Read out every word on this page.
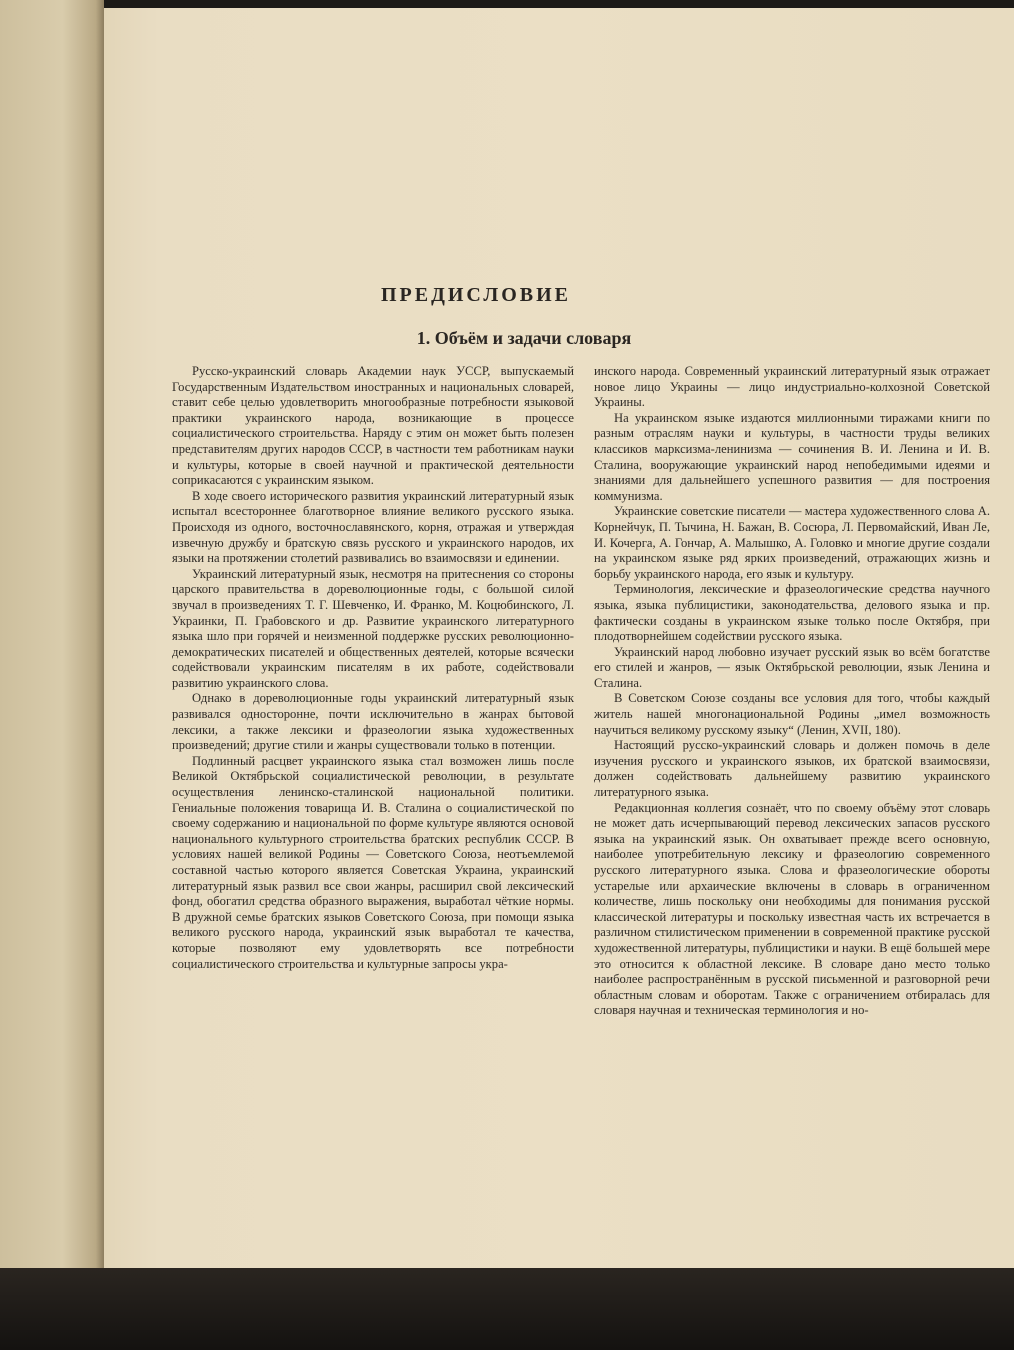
ПРЕДИСЛОВИЕ
1. Объём и задачи словаря

Русско-украинский словарь Академии наук УССР, выпускаемый Государственным Издательством иностранных и национальных словарей, ставит себе целью удовлетворить многообразные потребности языковой практики украинского народа, возникающие в процессе социалистического строительства. Наряду с этим он может быть полезен представителям других народов СССР, в частности тем работникам науки и культуры, которые в своей научной и практической деятельности соприкасаются с украинским языком.

В ходе своего исторического развития украинский литературный язык испытал всестороннее благотворное влияние великого русского языка. Происходя из одного, восточнославянского, корня, отражая и утверждая извечную дружбу и братскую связь русского и украинского народов, их языки на протяжении столетий развивались во взаимосвязи и единении.

Украинский литературный язык, несмотря на притеснения со стороны царского правительства в дореволюционные годы, с большой силой звучал в произведениях Т. Г. Шевченко, И. Франко, М. Коцюбинского, Л. Украинки, П. Грабовского и др. Развитие украинского литературного языка шло при горячей и неизменной поддержке русских революционно-демократических писателей и общественных деятелей, которые всячески содействовали украинским писателям в их работе, содействовали развитию украинского слова.

Однако в дореволюционные годы украинский литературный язык развивался односторонне, почти исключительно в жанрах бытовой лексики, а также лексики и фразеологии языка художественных произведений; другие стили и жанры существовали только в потенции.

Подлинный расцвет украинского языка стал возможен лишь после Великой Октябрьской социалистической революции, в результате осуществления ленинско-сталинской национальной политики. Гениальные положения товарища И. В. Сталина о социалистической по своему содержанию и национальной по форме культуре являются основой национального культурного строительства братских республик СССР. В условиях нашей великой Родины — Советского Союза, неотъемлемой составной частью которого является Советская Украина, украинский литературный язык развил все свои жанры, расширил свой лексический фонд, обогатил средства образного выражения, выработал чёткие нормы. В дружной семье братских языков Советского Союза, при помощи языка великого русского народа, украинский язык выработал те качества, которые позволяют ему удовлетворять все потребности социалистического строительства и культурные запросы укра-

инского народа. Современный украинский литературный язык отражает новое лицо Украины — лицо индустриально-колхозной Советской Украины.

На украинском языке издаются миллионными тиражами книги по разным отраслям науки и культуры, в частности труды великих классиков марксизма-ленинизма — сочинения В. И. Ленина и И. В. Сталина, вооружающие украинский народ непобедимыми идеями и знаниями для дальнейшего успешного развития — для построения коммунизма.

Украинские советские писатели — мастера художественного слова А. Корнейчук, П. Тычина, Н. Бажан, В. Сосюра, Л. Первомайский, Иван Ле, И. Кочерга, А. Гончар, А. Малышко, А. Головко и многие другие создали на украинском языке ряд ярких произведений, отражающих жизнь и борьбу украинского народа, его язык и культуру.

Терминология, лексические и фразеологические средства научного языка, языка публицистики, законодательства, делового языка и пр. фактически созданы в украинском языке только после Октября, при плодотворнейшем содействии русского языка.

Украинский народ любовно изучает русский язык во всём богатстве его стилей и жанров, — язык Октябрьской революции, язык Ленина и Сталина.

В Советском Союзе созданы все условия для того, чтобы каждый житель нашей многонациональной Родины „имел возможность научиться великому русскому языку“ (Ленин, XVII, 180).

Настоящий русско-украинский словарь и должен помочь в деле изучения русского и украинского языков, их братской взаимосвязи, должен содействовать дальнейшему развитию украинского литературного языка.

Редакционная коллегия сознаёт, что по своему объёму этот словарь не может дать исчерпывающий перевод лексических запасов русского языка на украинский язык. Он охватывает прежде всего основную, наиболее употребительную лексику и фразеологию современного русского литературного языка. Слова и фразеологические обороты устарелые или архаические включены в словарь в ограниченном количестве, лишь поскольку они необходимы для понимания русской классической литературы и поскольку известная часть их встречается в различном стилистическом применении в современной практике русской художественной литературы, публицистики и науки. В ещё большей мере это относится к областной лексике. В словаре дано место только наиболее распространённым в русской письменной и разговорной речи областным словам и оборотам. Также с ограничением отбиралась для словаря научная и техническая терминология и но-
